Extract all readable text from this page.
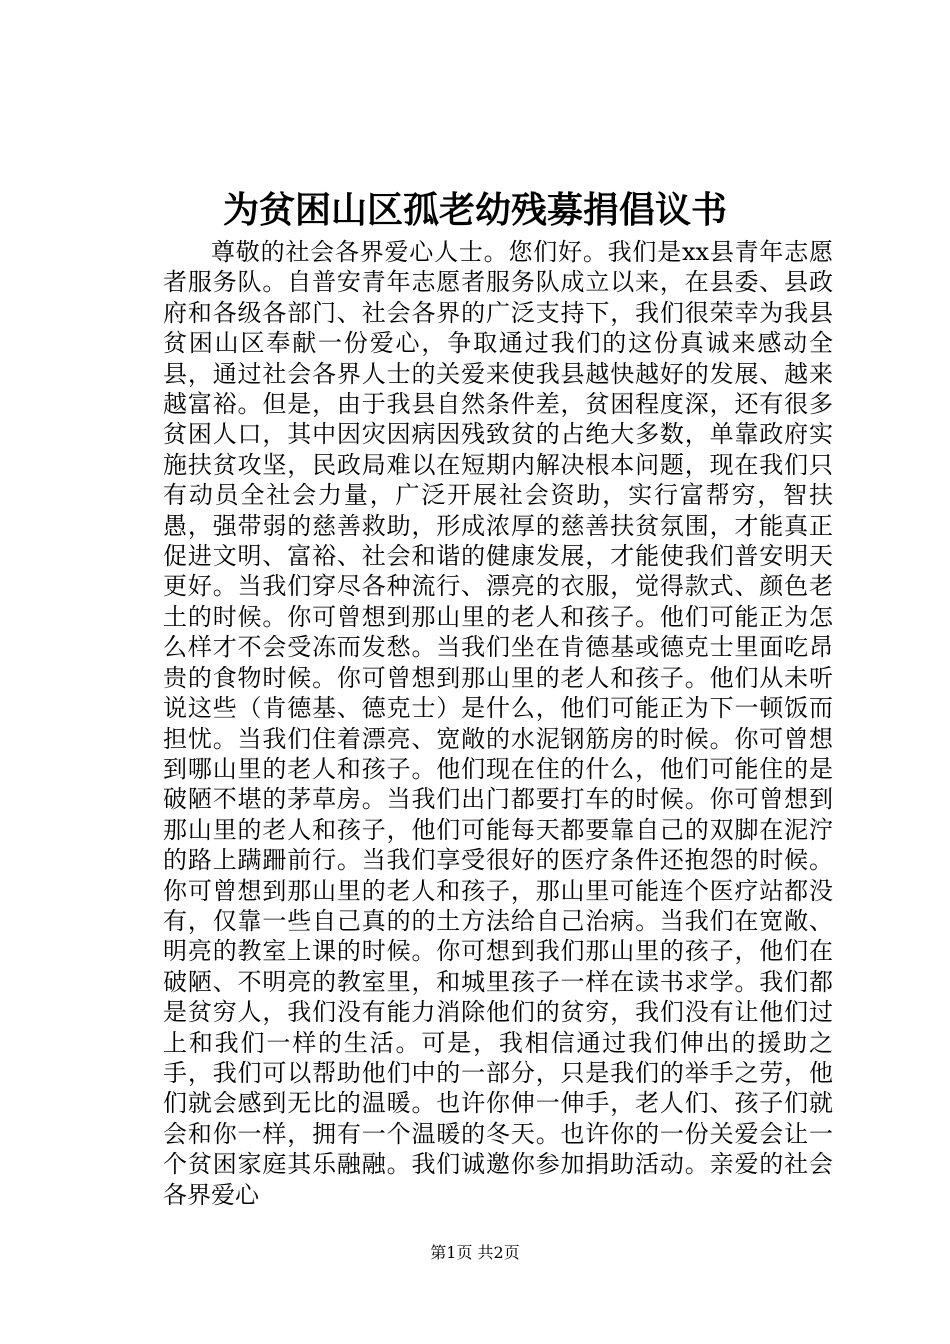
为贫困山区孤老幼残募捐倡议书

尊敬的社会各界爱心人士。您们好。我们是xx县青年志愿者服务队。自普安青年志愿者服务队成立以来，在县委、县政府和各级各部门、社会各界的广泛支持下，我们很荣幸为我县贫困山区奉献一份爱心，争取通过我们的这份真诚来感动全县，通过社会各界人士的关爱来使我县越快越好的发展、越来越富裕。但是，由于我县自然条件差，贫困程度深，还有很多贫困人口，其中因灾因病因残致贫的占绝大多数，单靠政府实施扶贫攻坚，民政局难以在短期内解决根本问题，现在我们只有动员全社会力量，广泛开展社会资助，实行富帮穷，智扶愚，强带弱的慈善救助，形成浓厚的慈善扶贫氛围，才能真正促进文明、富裕、社会和谐的健康发展，才能使我们普安明天更好。当我们穿尽各种流行、漂亮的衣服，觉得款式、颜色老土的时候。你可曾想到那山里的老人和孩子。他们可能正为怎么样才不会受冻而发愁。当我们坐在肯德基或德克士里面吃昂贵的食物时候。你可曾想到那山里的老人和孩子。他们从未听说这些（肯德基、德克士）是什么，他们可能正为下一顿饭而担忧。当我们住着漂亮、宽敞的水泥钢筋房的时候。你可曾想到哪山里的老人和孩子。他们现在住的什么，他们可能住的是破陋不堪的茅草房。当我们出门都要打车的时候。你可曾想到那山里的老人和孩子，他们可能每天都要靠自己的双脚在泥泞的路上蹒跚前行。当我们享受很好的医疗条件还抱怨的时候。你可曾想到那山里的老人和孩子，那山里可能连个医疗站都没有，仅靠一些自己真的的土方法给自己治病。当我们在宽敞、明亮的教室上课的时候。你可想到我们那山里的孩子，他们在破陋、不明亮的教室里，和城里孩子一样在读书求学。我们都是贫穷人，我们没有能力消除他们的贫穷，我们没有让他们过上和我们一样的生活。可是，我相信通过我们伸出的援助之手，我们可以帮助他们中的一部分，只是我们的举手之劳，他们就会感到无比的温暖。也许你伸一伸手，老人们、孩子们就会和你一样，拥有一个温暖的冬天。也许你的一份关爱会让一个贫困家庭其乐融融。我们诚邀你参加捐助活动。亲爱的社会各界爱心

第1页 共2页
